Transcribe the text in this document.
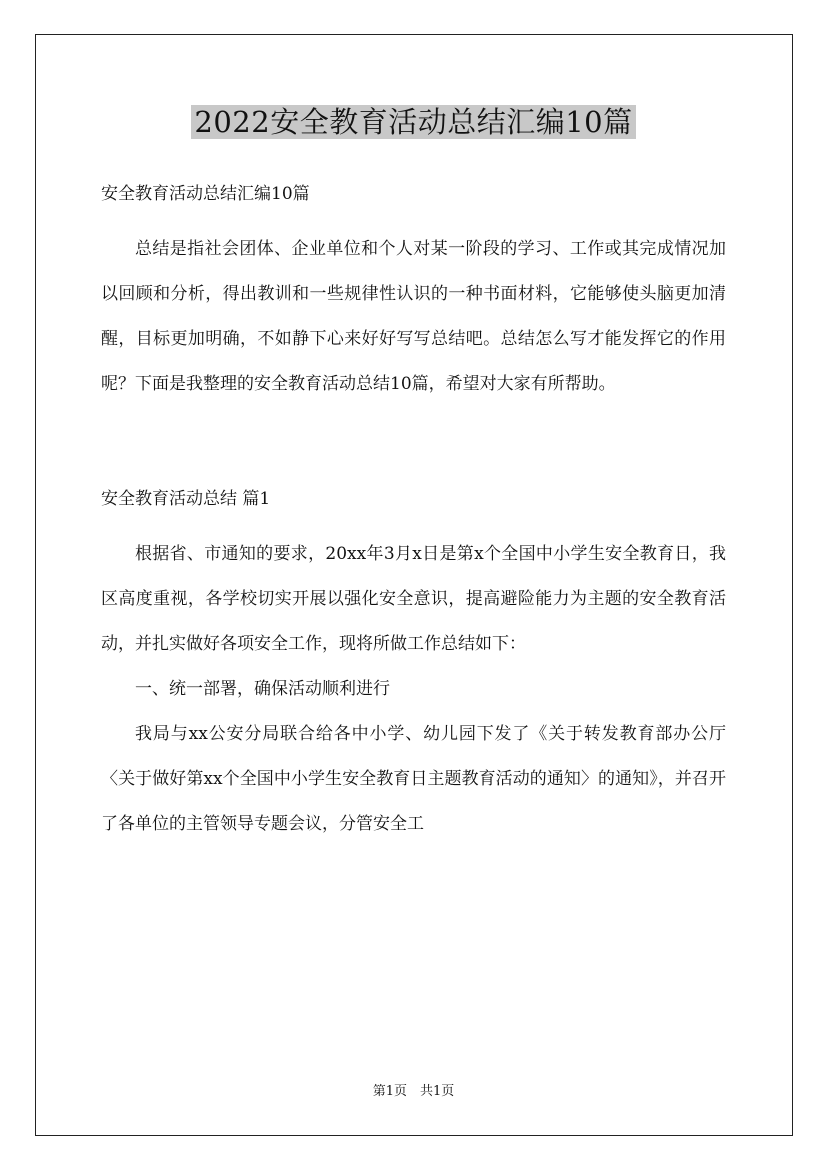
2022安全教育活动总结汇编10篇

安全教育活动总结汇编10篇

总结是指社会团体、企业单位和个人对某一阶段的学习、工作或其完成情况加以回顾和分析，得出教训和一些规律性认识的一种书面材料，它能够使头脑更加清醒，目标更加明确，不如静下心来好好写写总结吧。总结怎么写才能发挥它的作用呢？下面是我整理的安全教育活动总结10篇，希望对大家有所帮助。

安全教育活动总结 篇1

根据省、市通知的要求，20xx年3月x日是第x个全国中小学生安全教育日，我区高度重视，各学校切实开展以强化安全意识，提高避险能力为主题的安全教育活动，并扎实做好各项安全工作，现将所做工作总结如下：

一、统一部署，确保活动顺利进行

我局与xx公安分局联合给各中小学、幼儿园下发了《关于转发教育部办公厅〈关于做好第xx个全国中小学生安全教育日主题教育活动的通知〉的通知》，并召开了各单位的主管领导专题会议，分管安全工

第1页　共1页
